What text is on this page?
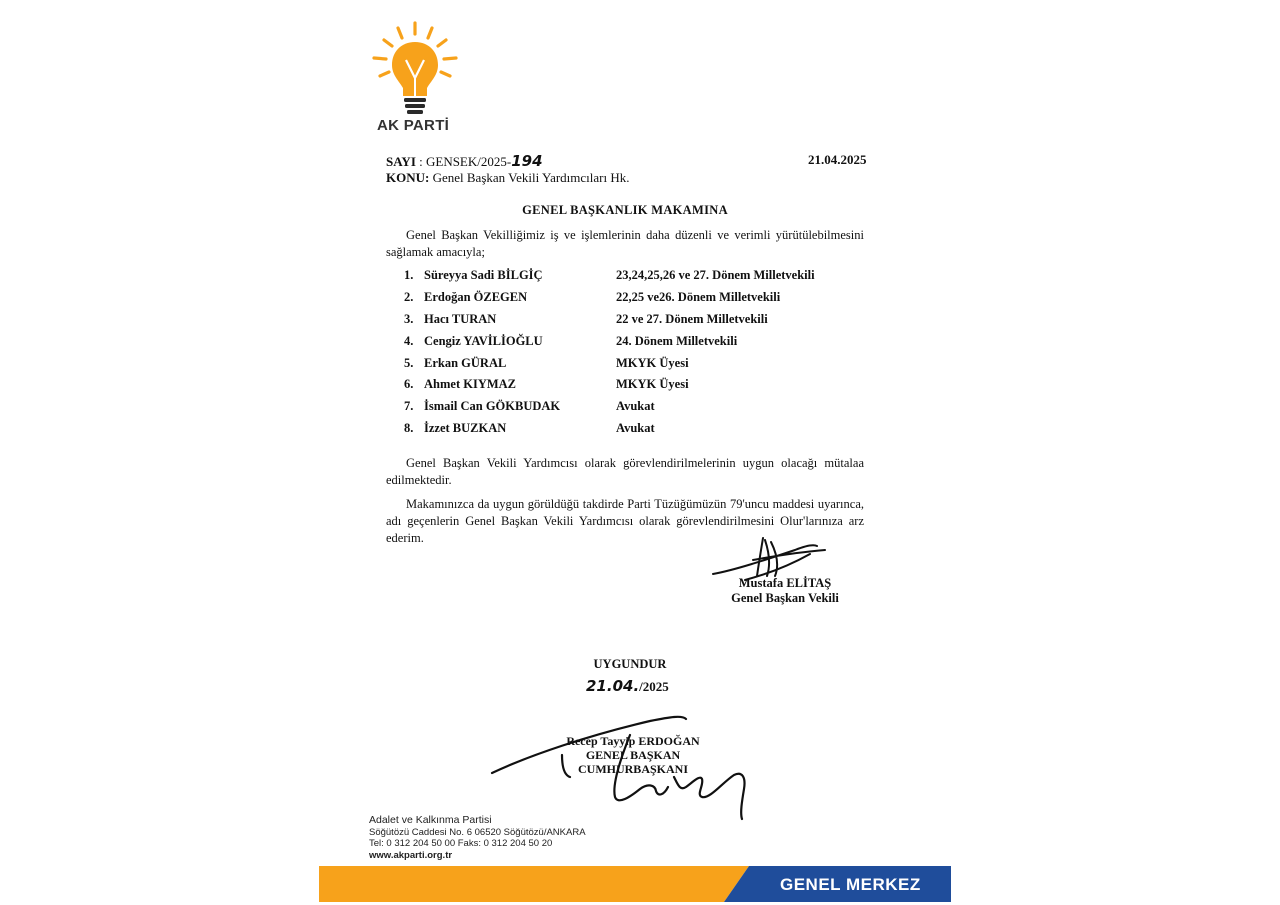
AK PARTİ
SAYI : GENSEK/2025-194
KONU: Genel Başkan Vekili Yardımcıları Hk.
21.04.2025
GENEL BAŞKANLIK MAKAMINA
Genel Başkan Vekilliğimiz iş ve işlemlerinin daha düzenli ve verimli yürütülebilmesini sağlamak amacıyla;
1. Süreyya Sadi BİLGİÇ	23,24,25,26 ve 27. Dönem Milletvekili
2. Erdoğan ÖZEGEN	22,25 ve26. Dönem Milletvekili
3. Hacı TURAN	22 ve 27. Dönem Milletvekili
4. Cengiz YAVİLİOĞLU	24. Dönem Milletvekili
5. Erkan GÜRAL	MKYK Üyesi
6. Ahmet KIYMAZ	MKYK Üyesi
7. İsmail Can GÖKBUDAK	Avukat
8. İzzet BUZKAN	Avukat
Genel Başkan Vekili Yardımcısı olarak görevlendirilmelerinin uygun olacağı mütalaa edilmektedir.
Makamınızca da uygun görüldüğü takdirde Parti Tüzüğümüzün 79'uncu maddesi uyarınca, adı geçenlerin Genel Başkan Vekili Yardımcısı olarak görevlendirilmesini Olur'larınıza arz ederim.
Mustafa ELİTAŞ
Genel Başkan Vekili
UYGUNDUR
21.04./2025
Recep Tayyip ERDOĞAN
GENEL BAŞKAN
CUMHURBAŞKANI
Adalet ve Kalkınma Partisi
Söğütözü Caddesi No. 6 06520 Söğütözü/ANKARA
Tel: 0 312 204 50 00 Faks: 0 312 204 50 20
www.akparti.org.tr
GENEL MERKEZ
